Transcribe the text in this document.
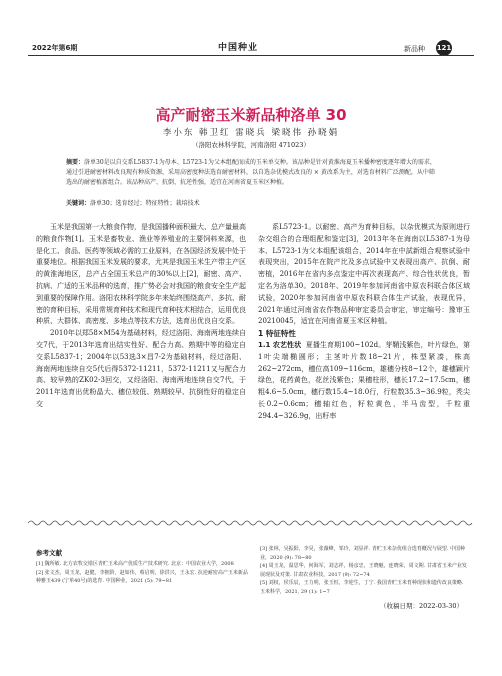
2022年第6期	中国种业	新品种 121
高产耐密玉米新品种洛单 30
李小东 韩卫红 雷晓兵 梁晓伟 孙晓娟
（洛阳农林科学院，河南洛阳 471023）
摘要：洛单30是以自交系L5837-1为母本、L5723-1为父本组配而成的玉米单交种。该品种是针对黄淮海夏玉米播种密度逐年增大的需求，通过引进耐密材料改良现有种质资源，采用高密度种法选育耐密材料，以自选杂优模式改良的 × 黄改系为主，对选育材料广泛测配，从中筛选出的耐密植新组合。该品种高产、抗倒、抗逆性强，适宜在河南省夏玉米区种植。
关键词：洛单30；选育经过；特征特性；栽培技术

玉米是我国第一大粮食作物，是我国播种面积最大、总产量最高的粮食作物[1]。玉米是畜牧业、渔业等养殖业的主要饲料来源，也是化工、食品、医药等领域必需的工业原料，在各国经济发展中处于重要地位。根据我国玉米发展的要求，尤其是我国玉米生产带主产区的黄淮海地区，总产占全国玉米总产的30%以上[2]，耐密、高产、抗病、广适的玉米品种的选育，推广势必会对我国的粮食安全生产起到重要的保障作用。洛阳农林科学院多年来始终围绕高产、多抗、耐密的育种目标，采用常规育种技术和现代育种技术相结合，运用优良种质、大群体、高密度、多地点等技术方法，选育出优良自交系。

2010年以郑58×M54为基础材料，经过洛阳、海南两地连续自交7代，于2013年选育出结实性好、配合力高、熟期中等的稳定自交系L5837-1；2004年以53选3×昌7-2为基础材料，经过洛阳、海南两地连续自交5代后得5372-11211，5372-11211又与配合力高、较早熟的ZK02-3回交，又经洛阳、海南两地连续自交7代，于2011年选育出优粉晶大、穗位较低、熟期较早、抗倒性好的稳定自交

系L5723-1。以耐密、高产为育种目标，以杂优模式为原则进行杂交组合的合理组配和鉴定[3]，2013年冬在海南以L5387-1为母本、L5723-1为父本组配该组合，2014年在中試新组合观察试验中表现突出，2015年在院产比及多点试验中又表现出高产、抗倒、耐密植，2016年在省内多点鉴定中再次表现高产、综合性状优良，暂定名为洛单30。2018年、2019年参加河南省中原农科联合体区域试验，2020年参加河南省中原农科联合体生产试验，表现优异，2021年通过河南省农作物品种审定委员会审定，审定编号：豫审玉20210045，适宜在河南省夏玉米区种植。

1 特征特性

1.1 农艺性状 夏播生育期100~102d。芽鞘浅紫色，叶片绿色，第1叶尖端椭圆形；主茎叶片数18~21片，株型紧凑，株高262~272cm，穗位高109~116cm，雄穗分枝8~12个，雄穗颖片绿色，花药黄色，花丝浅紫色；果穗柱形，穗长17.2~17.5cm，穗粗4.6~5.0cm，穗行数15.4~18.0行，行粒数35.3~36.9粒，秃尖长0.2~0.6cm；穗轴红色，籽粒黄色，半马齿型，千粒重294.4~326.9g，出籽率

参考文献
[1] 魏所敏. 北方农牧交错区青贮玉米高产优质生产技术研究. 北京：中国农业大学，2008
[2] 张文杰，周玉龙，赵健，李拥阶，赵如伟，蔡启明，徐洪兴，王永宏. 抗逆耐密高产玉米新品种雅玉439 (宁单40号)的选育. 中国种业，2021 (5): 79~81
[3] 张林，吴振阳，李昊，张薇峰，邹玲，刘显祥. 青贮玉米杂优组合选育概况与展望. 中国种业，2020 (9): 78~80
[4] 周玉龙，温思华，何海军，刘志祥，杨彦忠，王晓魁，连晓荣，周文期. 甘肃省玉米产业发展现状及对策. 甘肃农业科技，2017 (9): 72~74
[5] 刘权，侯乐辰，王力明，张玉恒，李迎生，丁宁. 我国青贮玉米育种现状和遗传改良策略. 玉米科学，2021, 29 (1): 1~7
（收稿日期：2022-03-30）
